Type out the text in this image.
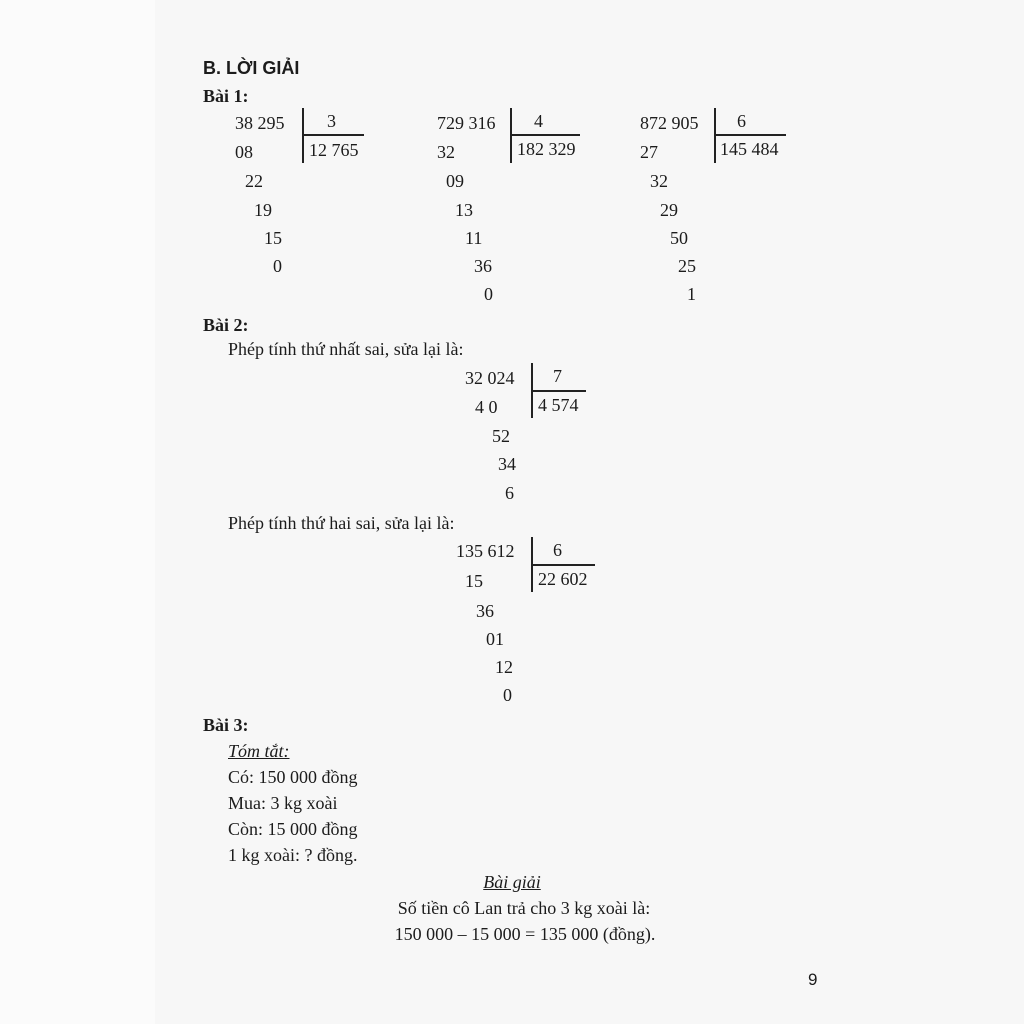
B. LỜI GIẢI
Bài 1:
38 295 3
12 765
08
22
19
15
0
729 316 4
182 329
32
09
13
11
36
0
872 905 6
145 484
27
32
29
50
25
1
Bài 2:
Phép tính thứ nhất sai, sửa lại là:
32 024 7
4 574
4 0
52
34
6
Phép tính thứ hai sai, sửa lại là:
135 612 6
22 602
15
36
01
12
0
Bài 3:
Tóm tắt:
Có: 150 000 đồng
Mua: 3 kg xoài
Còn: 15 000 đồng
1 kg xoài: ? đồng.
Bài giải
Số tiền cô Lan trả cho 3 kg xoài là:
150 000 – 15 000 = 135 000 (đồng).
9
